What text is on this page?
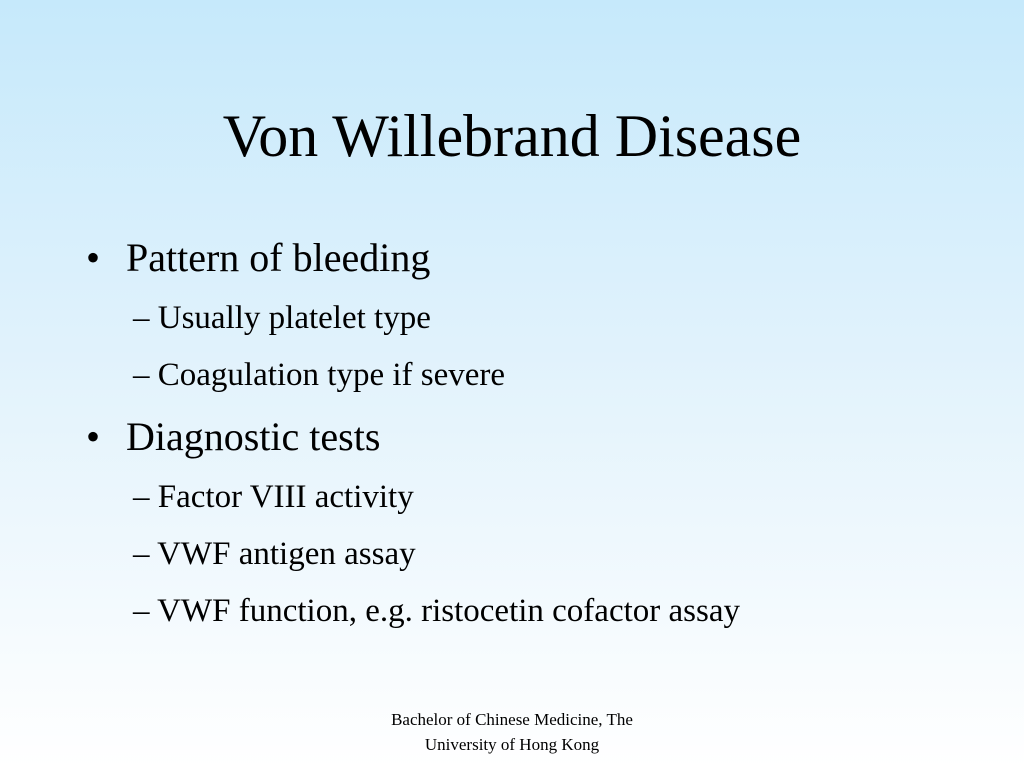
Von Willebrand Disease
• Pattern of bleeding
– Usually platelet type
– Coagulation type if severe
• Diagnostic tests
– Factor VIII activity
– VWF antigen assay
– VWF function, e.g. ristocetin cofactor assay
Bachelor of Chinese Medicine, The
University of Hong Kong
